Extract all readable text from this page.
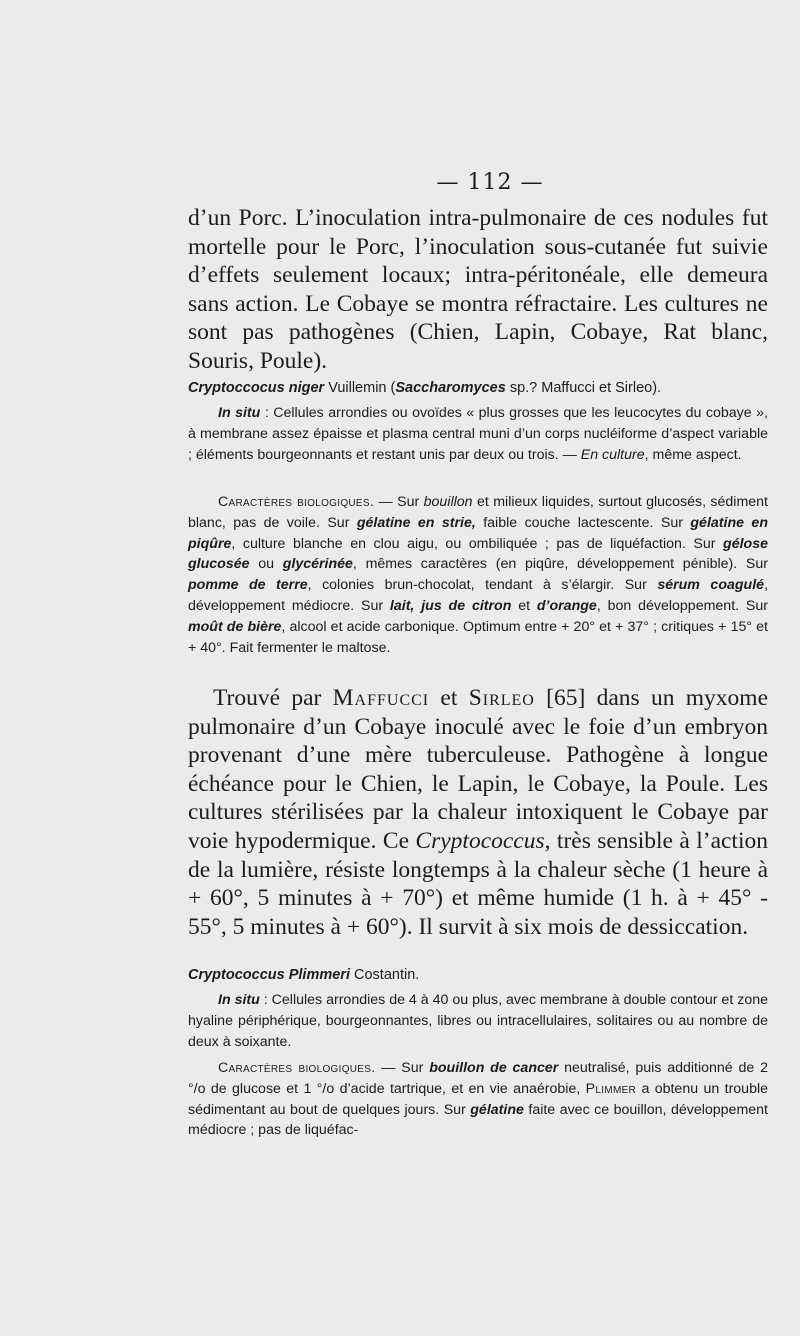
— 112 —

d’un Porc. L’inoculation intra-pulmonaire de ces nodules fut mortelle pour le Porc, l’inoculation sous-cutanée fut suivie d’effets seulement locaux; intra-péritonéale, elle demeura sans action. Le Cobaye se montra réfractaire. Les cultures ne sont pas pathogènes (Chien, Lapin, Cobaye, Rat blanc, Souris, Poule).

Cryptoccocus niger Vuillemin (Saccharomyces sp.? Maffucci et Sirleo).

In situ : Cellules arrondies ou ovoïdes « plus grosses que les leucocytes du cobaye », à membrane assez épaisse et plasma central muni d’un corps nucléiforme d’aspect variable ; éléments bourgeonnants et restant unis par deux ou trois. — En culture, même aspect.

Caractères biologiques. — Sur bouillon et milieux liquides, surtout glucosés, sédiment blanc, pas de voile. Sur gélatine en strie, faible couche lactescente. Sur gélatine en piqûre, culture blanche en clou aigu, ou ombiliquée ; pas de liquéfaction. Sur gélose glucosée ou glycérinée, mêmes caractères (en piqûre, développement pénible). Sur pomme de terre, colonies brun-chocolat, tendant à s’élargir. Sur sérum coagulé, développement médiocre. Sur lait, jus de citron et d’orange, bon développement. Sur moût de bière, alcool et acide carbonique. Optimum entre + 20° et + 37° ; critiques + 15° et + 40°. Fait fermenter le maltose.

Trouvé par Maffucci et Sirleo [65] dans un myxome pulmonaire d’un Cobaye inoculé avec le foie d’un embryon provenant d’une mère tuberculeuse. Pathogène à longue échéance pour le Chien, le Lapin, le Cobaye, la Poule. Les cultures stérilisées par la chaleur intoxiquent le Cobaye par voie hypodermique. Ce Cryptococcus, très sensible à l’action de la lumière, résiste longtemps à la chaleur sèche (1 heure à + 60°, 5 minutes à + 70°) et même humide (1 h. à + 45° - 55°, 5 minutes à + 60°). Il survit à six mois de dessiccation.

Cryptococcus Plimmeri Costantin.

In situ : Cellules arrondies de 4 à 40 ou plus, avec membrane à double contour et zone hyaline périphérique, bourgeonnantes, libres ou intracellulaires, solitaires ou au nombre de deux à soixante.

Caractères biologiques. — Sur bouillon de cancer neutralisé, puis additionné de 2 °/o de glucose et 1 °/o d’acide tartrique, et en vie anaérobie, Plimmer a obtenu un trouble sédimentant au bout de quelques jours. Sur gélatine faite avec ce bouillon, développement médiocre ; pas de liquéfac-
